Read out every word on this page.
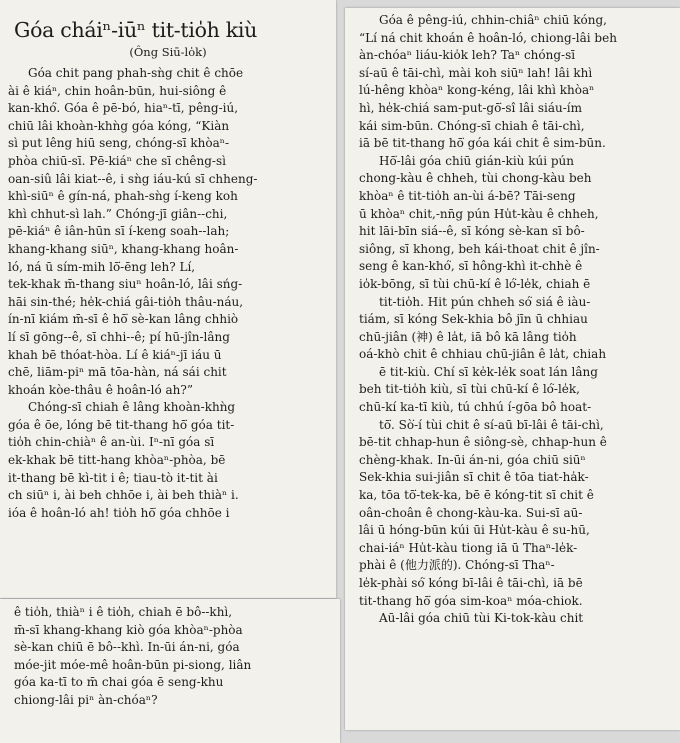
Góa cháiⁿ-iūⁿ tit-tio̍h kiù
(Ông Siū-lo̍k)
Góa chit pang phah-sǹg chit ê chōe
ài ê kiáⁿ, chin hoân-būn, hui-siông ê
kan-khó͘. Góa ê pē-bó, hiaⁿ-tī, pêng-iú,
chiū lâi khoàn-khǹg góa kóng, “Kiàn
sì put lêng hiū seng, chóng-sī khòaⁿ-
phòa chiū-sī. Pē-kiáⁿ che sī chêng-sì
oan-siû lâi kiat--ê, i sǹg iáu-kú sī chheng-
khì-siūⁿ ê gín-ná, phah-sǹg í-keng koh
khì chhut-sì lah.” Chóng-jī giân--chi,
pē-kiáⁿ ê iân-hūn sī í-keng soah--lah;
khang-khang siūⁿ, khang-khang hoân-
ló, ná ū sím-mih lō͘-ēng leh? Lí,
tek-khak m̄-thang siuⁿ hoân-ló, lâi sńg-
hāi sin-thé; he̍k-chiá gâi-tio̍h thâu-náu,
ín-nī kiám m̄-sī ê hō͘ sè-kan lâng chhiò
lí sī gōng--ê, sī chhi--ê; pí hū-jîn-lâng
khah bē thóat-hòa. Lí ê kiáⁿ-jī iáu ū
chē, liām-piⁿ mā tōa-hàn, ná sái chit
khoán kòe-thâu ê hoân-ló ah?”
Chóng-sī chiah ê lâng khoàn-khǹg
góa ê ōe, lóng bē tit-thang hō͘ góa tit-
tio̍h chin-chiàⁿ ê an-ùi. Iⁿ-nī góa sī
ek-khak bē titt-hang khòaⁿ-phòa, bē
it-thang bē kì-tit i ê; tiau-tò it-tit ài
ch siūⁿ i, ài beh chhōe i, ài beh thiàⁿ i.
ióa ê hoân-ló ah! tio̍h hō͘ góa chhōe i
ê tio̍h, thiàⁿ i ê tio̍h, chiah ē bô--khì,
m̄-sī khang-khang kiò góa khòaⁿ-phòa
sè-kan chiū ē bô--khì. In-ūi án-ni, góa
móe-jit móe-mê hoân-būn pi-siong, liân
góa ka-tī to m̄ chai góa ē seng-khu
chiong-lâi piⁿ àn-chóaⁿ?
Góa ê pêng-iú, chhin-chiâⁿ chiū kóng,
“Lí ná chit khoán ê hoân-ló, chiong-lâi beh
àn-chóaⁿ liáu-kio̍k leh? Taⁿ chóng-sī
sí-aū ê tāi-chì, mài koh siūⁿ lah! lâi khì
lú-hêng khòaⁿ kong-kéng, lâi khì khòaⁿ
hì, he̍k-chiá sam-put-gō͘-sî lâi siáu-ím
kái sim-būn. Chóng-sī chiah ê tāi-chì,
iā bē tit-thang hō͘ góa kái chit ê sim-būn.
Hō͘-lâi góa chiū gián-kiù kúi pún
chong-kàu ê chheh, tùi chong-kàu beh
khòaⁿ ê tit-tio̍h an-ùi á-bē? Tāi-seng
ū khòaⁿ chit,-nn̄g pún Hu̍t-kàu ê chheh,
hit lāi-bīn siá--ê, sī kóng sè-kan sī bô-
siông, sī khong, beh kái-thoat chit ê jîn-
seng ê kan-khó͘, sī hông-khì it-chhè ê
io̍k-bōng, sī tùi chū-kí ê ló͘-le̍k, chiah ē
tit-tio̍h. Hit pún chheh só͘ siá ê iàu-
tiám, sī kóng Sek-khia bô jīn ū chhiau
chū-jiân (神) ê la̍t, iā bô kā lâng tio̍h
oá-khò chit ê chhiau chū-jiân ê la̍t, chiah
ē tit-kiù. Chí sī ke̍k-le̍k soat lán lâng
beh tit-tio̍h kiù, sī tùi chū-kí ê ló͘-le̍k,
chū-kí ka-tī kiù, tú chhú í-gōa bô hoat-
tō͘. Sò͘-í tùi chit ê sí-aū bī-lâi ê tāi-chì,
bē-tit chhap-hun ê siông-sè, chhap-hun ê
chèng-khak. In-ūi án-ni, góa chiū siūⁿ
Sek-khia sui-jiân sī chit ê tōa tiat-ha̍k-
ka, tōa tō͘-tek-ka, bē ē kóng-tit sī chit ê
oân-choân ê chong-kàu-ka. Sui-sī aū-
lâi ū hóng-būn kúi ūi Hu̍t-kàu ê su-hū,
chai-iáⁿ Hu̍t-kàu tiong iā ū Thaⁿ-le̍k-
phài ê (他力派的). Chóng-sī Thaⁿ-
le̍k-phài só͘ kóng bī-lâi ê tāi-chì, iā bē
tit-thang hō͘ góa sim-koaⁿ móa-chiok.
Aū-lâi góa chiū tùi Ki-tok-kàu chit
